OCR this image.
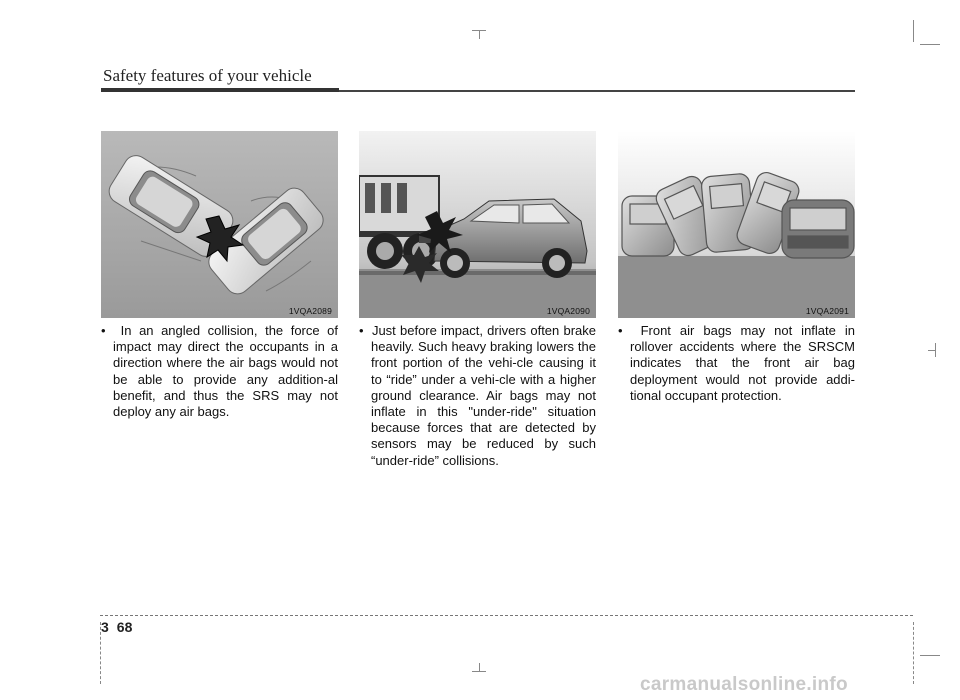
Safety features of your vehicle
1VQA2089	1VQA2090	1VQA2091
•  In an angled collision, the force of impact may direct the occupants in a direction where the air bags would not be able to provide any addition-al benefit, and thus the SRS may not deploy any air bags.
•  Just before impact, drivers often brake heavily. Such heavy braking lowers the front portion of the vehi-cle causing it to “ride” under a vehi-cle with a higher ground clearance. Air bags may not inflate in this "under-ride" situation because forces that are detected by sensors may be reduced by such “under-ride” collisions.
•  Front air bags may not inflate in rollover accidents where the SRSCM indicates that the front air bag deployment would not provide addi-tional occupant protection.
3 68
carmanualsonline.info
